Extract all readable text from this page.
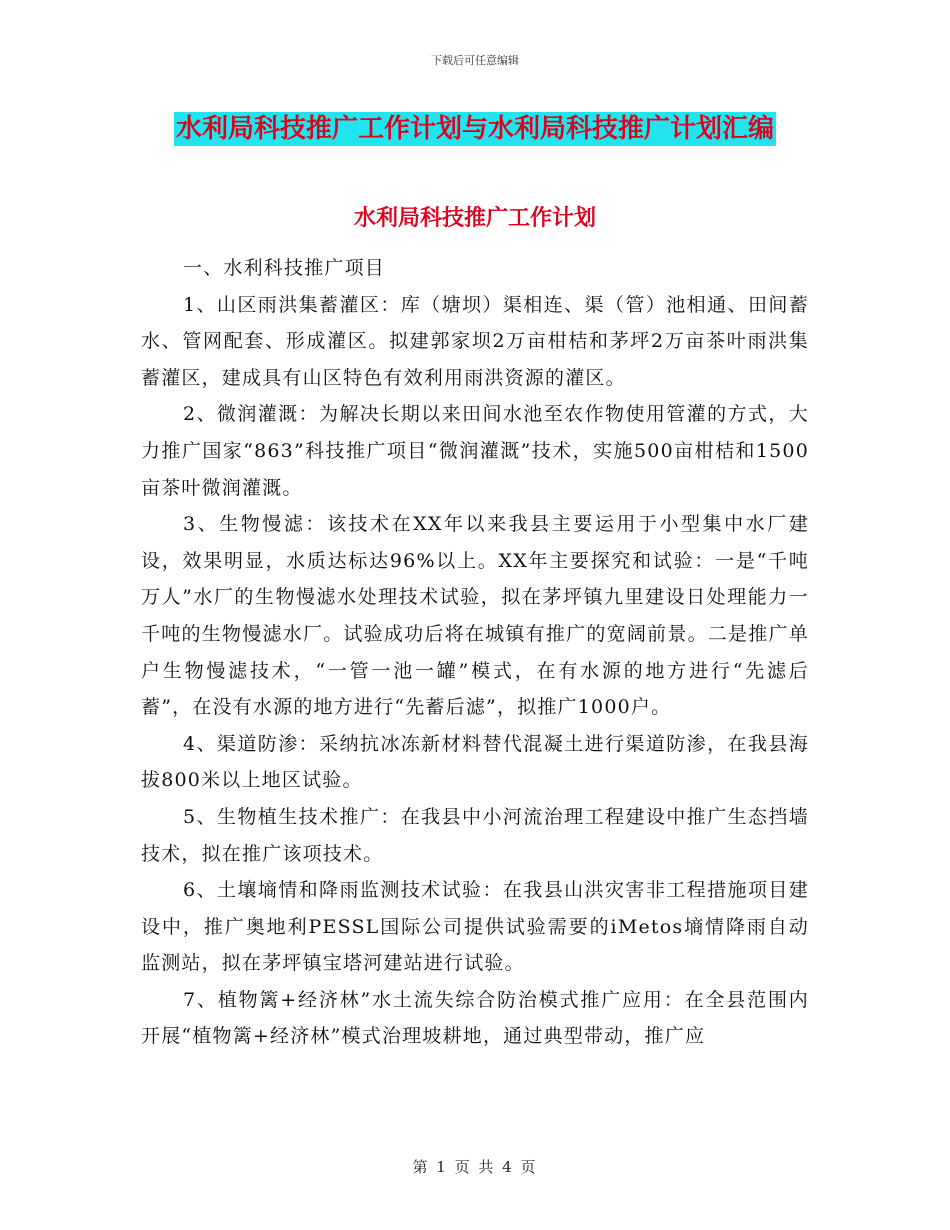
下载后可任意编辑
水利局科技推广工作计划与水利局科技推广计划汇编
水利局科技推广工作计划

一、水利科技推广项目

1、山区雨洪集蓄灌区：库（塘坝）渠相连、渠（管）池相通、田间蓄水、管网配套、形成灌区。拟建郭家坝2万亩柑桔和茅坪2万亩茶叶雨洪集蓄灌区，建成具有山区特色有效利用雨洪资源的灌区。

2、微润灌溉：为解决长期以来田间水池至农作物使用管灌的方式，大力推广国家“863”科技推广项目“微润灌溉”技术，实施500亩柑桔和1500亩茶叶微润灌溉。

3、生物慢滤：该技术在XX年以来我县主要运用于小型集中水厂建设，效果明显，水质达标达96%以上。XX年主要探究和试验：一是“千吨万人”水厂的生物慢滤水处理技术试验，拟在茅坪镇九里建设日处理能力一千吨的生物慢滤水厂。试验成功后将在城镇有推广的宽阔前景。二是推广单户生物慢滤技术，“一管一池一罐”模式，在有水源的地方进行“先滤后蓄”，在没有水源的地方进行“先蓄后滤”，拟推广1000户。

4、渠道防渗：采纳抗冰冻新材料替代混凝土进行渠道防渗，在我县海拔800米以上地区试验。

5、生物植生技术推广：在我县中小河流治理工程建设中推广生态挡墙技术，拟在推广该项技术。

6、土壤墒情和降雨监测技术试验：在我县山洪灾害非工程措施项目建设中，推广奥地利PESSL国际公司提供试验需要的iMetos墒情降雨自动监测站，拟在茅坪镇宝塔河建站进行试验。

7、植物篱+经济林”水土流失综合防治模式推广应用：在全县范围内开展“植物篱+经济林”模式治理坡耕地，通过典型带动，推广应

第 1 页 共 4 页
